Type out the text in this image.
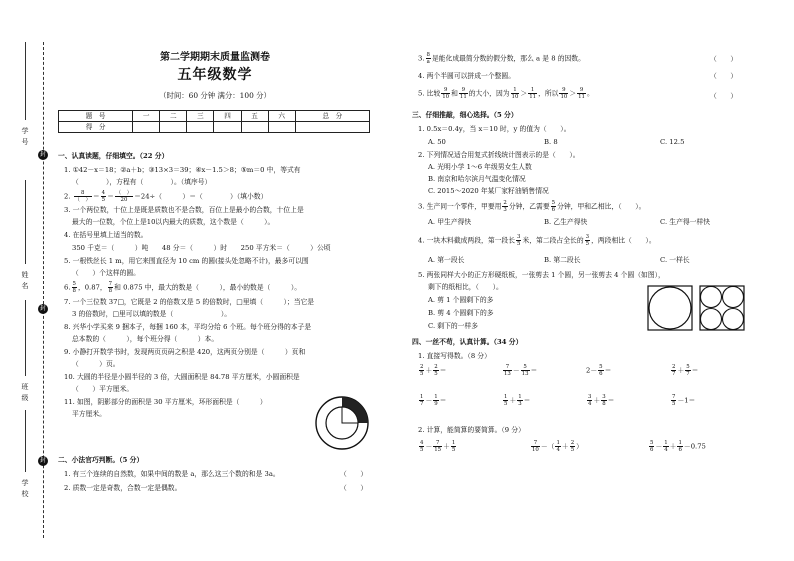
学号
姓名
班级
学校
封
封
封
第二学期期末质量监测卷
五年级数学
（时间：60 分钟 满分：100 分）
题　号	一	二	三	四	五	六	总　分
得　分							
一、认真读题，仔细填空。（22 分）
1. ①42－x＝18；②a＋b；③13×3＝39；④x－1.5＞8；⑤m＝0 中，等式有
（　　　　），方程有（　　　　）。（填序号）
2. $\frac{8}{( )} = \frac{4}{5} = \frac{( )}{20} =24\div$（　　　）＝（　　　　）（填小数）
3. 一个两位数，十位上是既是质数也不是合数，百位上是最小的合数，十位上是
最大的一位数，个位上是10以内最大的质数，这个数是（　　　）。
4. 在括号里填上适当的数。
350 千克＝（　　　）吨　　48 分＝（　　　）时　　250 平方米＝（　　　）公顷
5. 一根铁丝长 1 m，用它来围直径为 10 cm 的圆(接头处忽略不计)，最多可以围
（　　）个这样的圆。
6. $\frac{5}{8}$ ，0.87， $\frac{7}{8}$ 和 0.875 中，最大的数是（　　　），最小的数是（　　　）。
7. 一个三位数 37□，它既是 2 的倍数又是 5 的倍数时，□里填（　　　）；当它是
3 的倍数时，□里可以填的数是（　　　　　　　）。
8. 兴华小学买来 9 捆本子，每捆 160 本，平均分给 6 个班。每个班分得的本子是
总本数的（　　　），每个班分得（　　　）本。
9. 小静打开数学书时，发现两页页码之积是 420，这两页分别是（　　　）页和
（　　　）页。
10. 大圆的半径是小圆半径的 3 倍，大圆面积是 84.78 平方厘米，小圆面积是
（　　）平方厘米。
11. 如图，阴影部分的面积是 30 平方厘米，环形面积是（　　　）
平方厘米。
二、小法官巧判断。（5 分）
1. 有三个连续的自然数，如果中间的数是 a，那么这三个数的和是 3a。	（　　）
2. 质数一定是奇数，合数一定是偶数。	（　　）
3. $\frac{8}{a}$ 是能化成最简分数的假分数，那么 a 是 8 的因数。	（　　）
4. 两个半圆可以拼成一个整圆。	（　　）
5. 比较 $\frac{9}{10}$ 和 $\frac{9}{11}$ 的大小，因为 $\frac{1}{10} > \frac{1}{11}$ ，所以 $\frac{9}{10} > \frac{9}{11}$ 。	（　　）
三、仔细推敲，细心选择。（5 分）
1. 0.5x＝0.4y，当 x＝10 时，y 的值为（　　）。
A. 50	B. 8	C. 12.5
2. 下列情况适合用复式折线统计图表示的是（　　）。
A. 光明小学 1～6 年级男女生人数
B. 南京和哈尔滨月气温变化情况
C. 2015～2020 年某厂家籽油销售情况
3. 生产同一个零件，甲要用 $\frac{2}{3}$ 分钟，乙需要 $\frac{5}{6}$ 分钟，甲和乙相比，（　　）。
A. 甲生产得快	B. 乙生产得快	C. 生产得一样快
4. 一块木料截成两段，第一段长 $\frac{3}{5}$ 米，第二段占全长的 $\frac{3}{5}$ ，两段相比（　　）。
A. 第一段长	B. 第二段长	C. 一样长
5. 两张同样大小的正方形硬纸板，一张剪去 1 个圆，另一张剪去 4 个圆（如图），
剩下的纸相比，（　　）。
A. 剪 1 个圆剩下的多
B. 剪 4 个圆剩下的多
C. 剩下的一样多
四、一丝不苟，认真计算。（34 分）
1. 直接写得数。（8 分）
$\frac{2}{5} + \frac{2}{5}$ ＝	$\frac{7}{13} - \frac{5}{13}$ ＝	$2- \frac{5}{6}$ ＝	$\frac{2}{7} + \frac{5}{7}$ ＝
$\frac{1}{7} - \frac{1}{9}$ ＝	$\frac{1}{5} + \frac{1}{3}$ ＝	$\frac{3}{4} + \frac{3}{8}$ ＝	$\frac{7}{5} -1=$
2. 计算，能简算的要简算。（9 分）
$\frac{4}{5} - \frac{7}{15} + \frac{1}{5}$	$\frac{7}{10}$ －（ $\frac{1}{4} + \frac{2}{5}$ ）	$\frac{5}{6} - \frac{1}{4} + \frac{1}{6} -0.75$
